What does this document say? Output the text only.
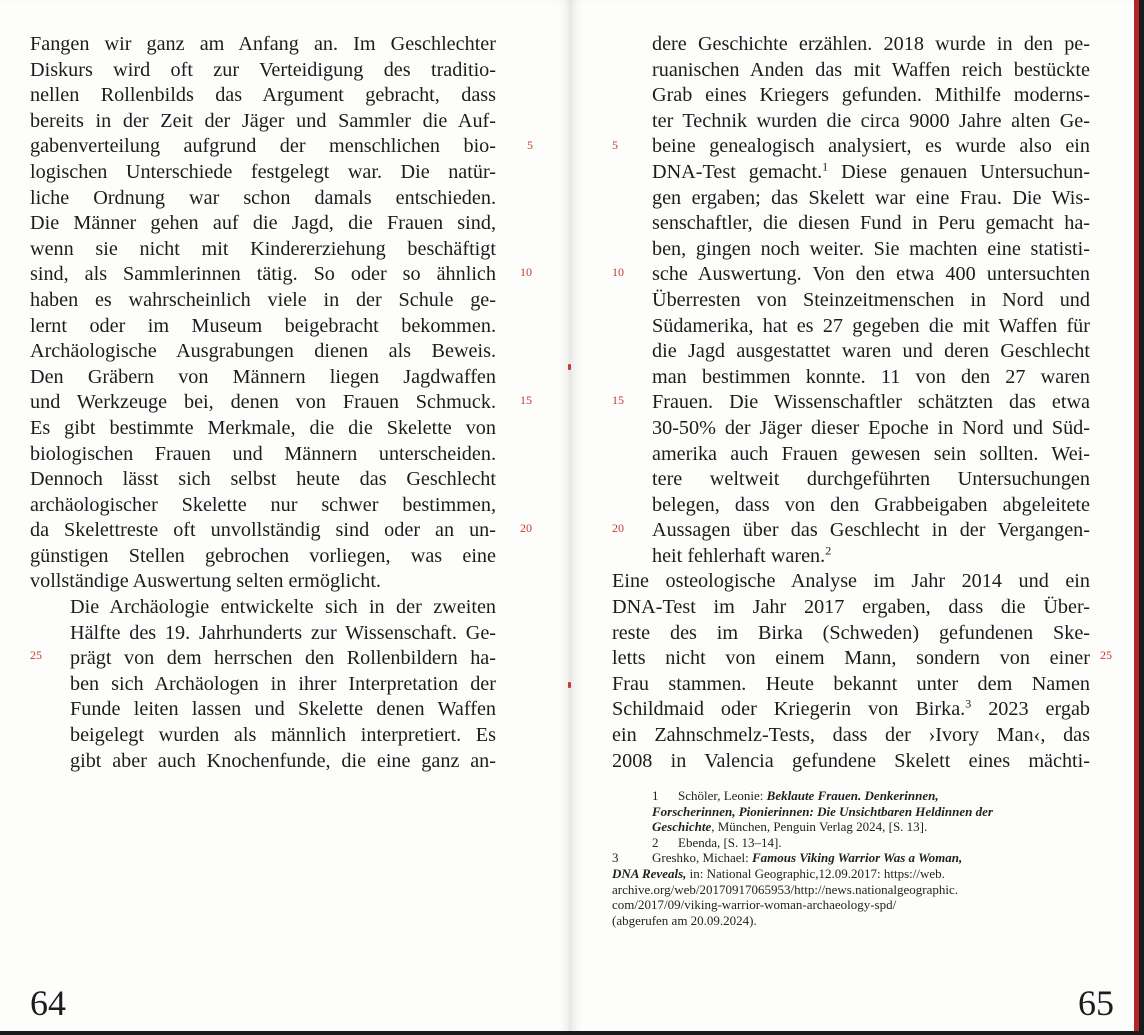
Fangen wir ganz am Anfang an. Im Geschlechter
Diskurs wird oft zur Verteidigung des traditio-
nellen Rollenbilds das Argument gebracht, dass
bereits in der Zeit der Jäger und Sammler die Auf-
gabenverteilung aufgrund der menschlichen bio-
logischen Unterschiede festgelegt war. Die natür-
liche Ordnung war schon damals entschieden.
Die Männer gehen auf die Jagd, die Frauen sind,
wenn sie nicht mit Kindererziehung beschäftigt
sind, als Sammlerinnen tätig. So oder so ähnlich
haben es wahrscheinlich viele in der Schule ge-
lernt oder im Museum beigebracht bekommen.
Archäologische Ausgrabungen dienen als Beweis.
Den Gräbern von Männern liegen Jagdwaffen
und Werkzeuge bei, denen von Frauen Schmuck.
Es gibt bestimmte Merkmale, die die Skelette von
biologischen Frauen und Männern unterscheiden.
Dennoch lässt sich selbst heute das Geschlecht
archäologischer Skelette nur schwer bestimmen,
da Skelettreste oft unvollständig sind oder an un-
günstigen Stellen gebrochen vorliegen, was eine
vollständige Auswertung selten ermöglicht.
Die Archäologie entwickelte sich in der zweiten
Hälfte des 19. Jahrhunderts zur Wissenschaft. Ge-
prägt von dem herrschen den Rollenbildern ha-
ben sich Archäologen in ihrer Interpretation der
Funde leiten lassen und Skelette denen Waffen
beigelegt wurden als männlich interpretiert. Es
gibt aber auch Knochenfunde, die eine ganz an-
5
10
15
20
25
dere Geschichte erzählen. 2018 wurde in den pe-
ruanischen Anden das mit Waffen reich bestückte
Grab eines Kriegers gefunden. Mithilfe moderns-
ter Technik wurden die circa 9000 Jahre alten Ge-
beine genealogisch analysiert, es wurde also ein
DNA-Test gemacht.$^1$ Diese genauen Untersuchun-
gen ergaben; das Skelett war eine Frau. Die Wis-
senschaftler, die diesen Fund in Peru gemacht ha-
ben, gingen noch weiter. Sie machten eine statisti-
sche Auswertung. Von den etwa 400 untersuchten
Überresten von Steinzeitmenschen in Nord und
Südamerika, hat es 27 gegeben die mit Waffen für
die Jagd ausgestattet waren und deren Geschlecht
man bestimmen konnte. 11 von den 27 waren
Frauen. Die Wissenschaftler schätzten das etwa
30-50% der Jäger dieser Epoche in Nord und Süd-
amerika auch Frauen gewesen sein sollten. Wei-
tere weltweit durchgeführten Untersuchungen
belegen, dass von den Grabbeigaben abgeleitete
Aussagen über das Geschlecht in der Vergangen-
heit fehlerhaft waren.$^2$
Eine osteologische Analyse im Jahr 2014 und ein
DNA-Test im Jahr 2017 ergaben, dass die Über-
reste des im Birka (Schweden) gefundenen Ske-
letts nicht von einem Mann, sondern von einer
Frau stammen. Heute bekannt unter dem Namen
Schildmaid oder Kriegerin von Birka.$^3$ 2023 ergab
ein Zahnschmelz-Tests, dass der ›Ivory Man‹, das
2008 in Valencia gefundene Skelett eines mächti-
5
10
15
20
25
1 Schöler, Leonie: Beklaute Frauen. Denkerinnen,
Forscherinnen, Pionierinnen: Die Unsichtbaren Heldinnen der
Geschichte, München, Penguin Verlag 2024, [S. 13].
2 Ebenda, [S. 13–14].
3	Greshko, Michael: Famous Viking Warrior Was a Woman,
DNA Reveals, in: National Geographic,12.09.2017: https://web.
archive.org/web/20170917065953/http://news.nationalgeographic.
com/2017/09/viking-warrior-woman-archaeology-spd/
(abgerufen am 20.09.2024).
64	65
